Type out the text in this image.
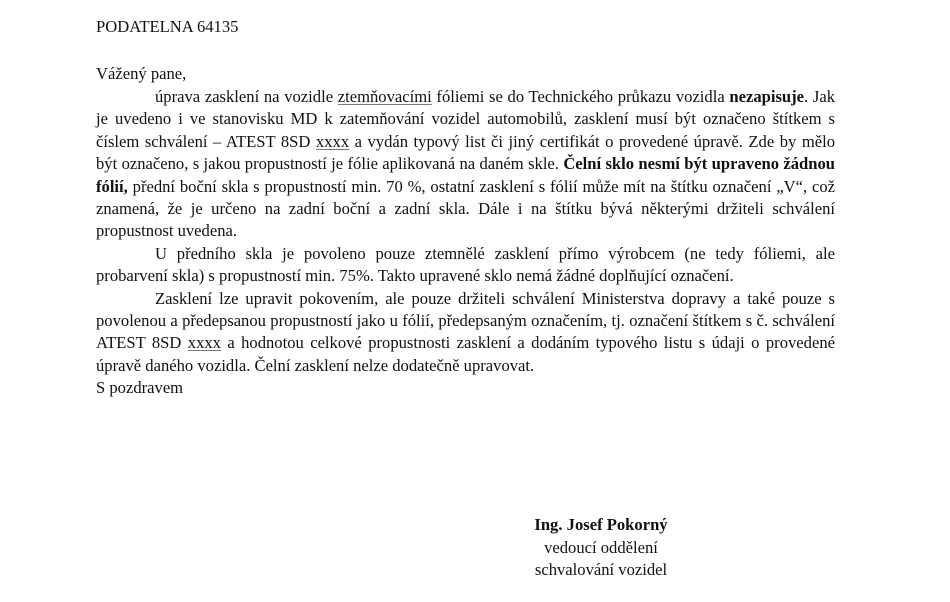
PODATELNA 64135
Vážený pane,

úprava zasklení na vozidle ztemňovacími fóliemi se do Technického průkazu vozidla nezapisuje. Jak je uvedeno i ve stanovisku MD k zatemňování vozidel automobilů, zasklení musí být označeno štítkem s číslem schválení – ATEST 8SD xxxx a vydán typový list či jiný certifikát o provedené úpravě. Zde by mělo být označeno, s jakou propustností je fólie aplikovaná na daném skle. Čelní sklo nesmí být upraveno žádnou fólií, přední boční skla s propustností min. 70 %, ostatní zasklení s fólií může mít na štítku označení „V“, což znamená, že je určeno na zadní boční a zadní skla. Dále i na štítku bývá některými držiteli schválení propustnost uvedena.

U předního skla je povoleno pouze ztemnělé zasklení přímo výrobcem (ne tedy fóliemi, ale probarvení skla) s propustností min. 75%. Takto upravené sklo nemá žádné doplňující označení.

Zasklení lze upravit pokovením, ale pouze držiteli schválení Ministerstva dopravy a také pouze s povolenou a předepsanou propustností jako u fólií, předepsaným označením, tj. označení štítkem s č. schválení ATEST 8SD xxxx a hodnotou celkové propustnosti zasklení a dodáním typového listu s údaji o provedené úpravě daného vozidla. Čelní zasklení nelze dodatečně upravovat.

S pozdravem

Ing. Josef Pokorný
vedoucí oddělení
schvalování vozidel
